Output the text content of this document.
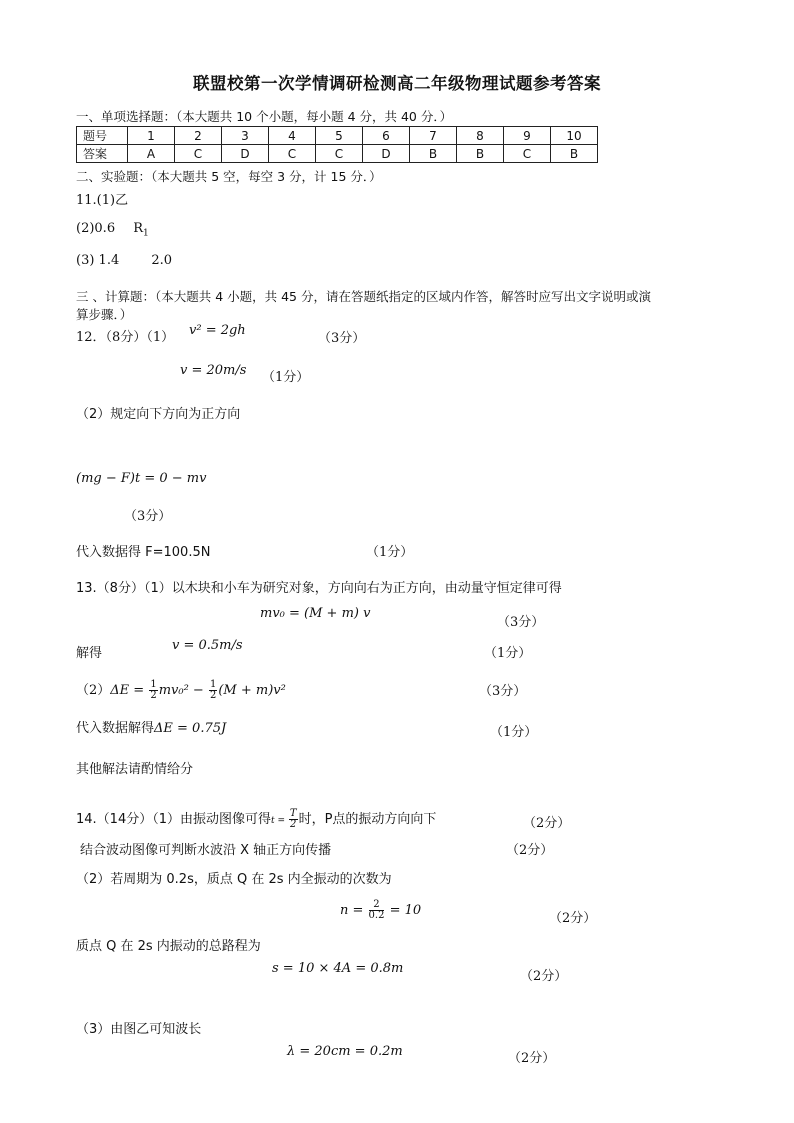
联盟校第一次学情调研检测高二年级物理试题参考答案
一、单项选择题：（本大题共 10 个小题，每小题 4 分，共 40 分．）
题号	1	2	3	4	5	6	7	8	9	10
答案	A	C	D	C	C	D	B	B	C	B
二、实验题：（本大题共 5 空，每空 3 分，计 15 分．）
11.(1)乙
(2)0.6 $R_1$
(3) 1.4 2.0
三 、计算题：（本大题共 4 小题，共 45 分，请在答题纸指定的区域内作答，解答时应写出文字说明或演
算步骤．）
12．（8分）（1） v² = 2gh
（3分）
v = 20m/s （1分）
（2）规定向下方向为正方向
(mg − F)t = 0 − mv
（3分）
代入数据得 F=100.5N	（1分）
13.（8分）（1）以木块和小车为研究对象，方向向右为正方向，由动量守恒定律可得
mv₀ = (M + m) v
（3分）
解得
v = 0.5m/s
（1分）
$(2)\Delta E = \frac{1}{2} mv_0^2 - \frac{1}{2} (M + m)v^2$	（3分）
代入数据解得ΔE = 0.75J	（1分）
其他解法请酌情给分
14.（14分）（1）由振动图像可得$t = \frac{T}{2}$ 时，P点的振动方向向下	（2分）
结合波动图像可判断水波沿 X 轴正方向传播	（2分）
（2）若周期为 0.2s，质点 Q 在 2s 内全振动的次数为
$n = \frac{2}{0.2} = 10$
（2分）
质点 Q 在 2s 内振动的总路程为
s = 10 × 4A = 0.8m
（2分）
（3）由图乙可知波长
λ = 20cm = 0.2m	（2分）
